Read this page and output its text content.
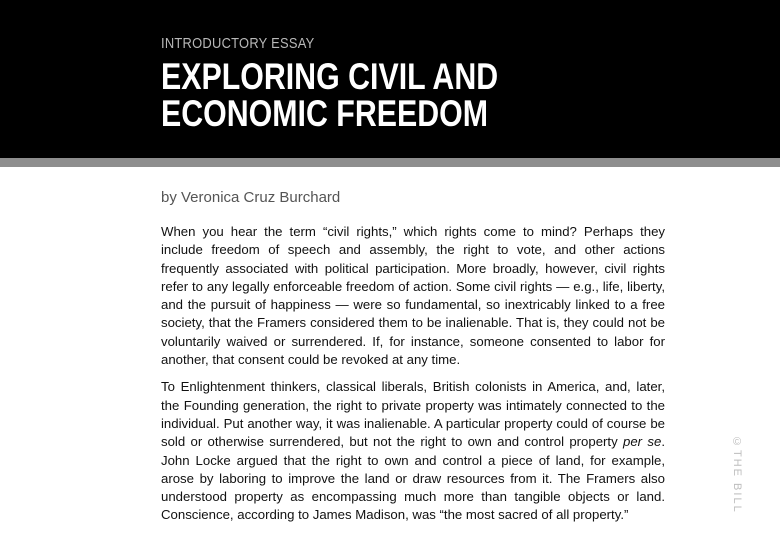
INTRODUCTORY ESSAY
EXPLORING CIVIL AND
ECONOMIC FREEDOM
by Veronica Cruz Burchard

When you hear the term “civil rights,” which rights come to mind? Perhaps they include freedom of speech and assembly, the right to vote, and other actions frequently associated with political participation. More broadly, however, civil rights refer to any legally enforceable freedom of action. Some civil rights — e.g., life, liberty, and the pursuit of happiness — were so fundamental, so inextricably linked to a free society, that the Framers considered them to be inalienable. That is, they could not be voluntarily waived or surrendered. If, for instance, someone consented to labor for another, that consent could be revoked at any time.

To Enlightenment thinkers, classical liberals, British colonists in America, and, later, the Founding generation, the right to private property was intimately connected to the individual. Put another way, it was inalienable. A particular property could of course be sold or otherwise surrendered, but not the right to own and control property per se. John Locke argued that the right to own and control a piece of land, for example, arose by laboring to improve the land or draw resources from it. The Framers also understood property as encompassing much more than tangible objects or land. Conscience, according to James Madison, was “the most sacred of all property.”

©THE BILL
